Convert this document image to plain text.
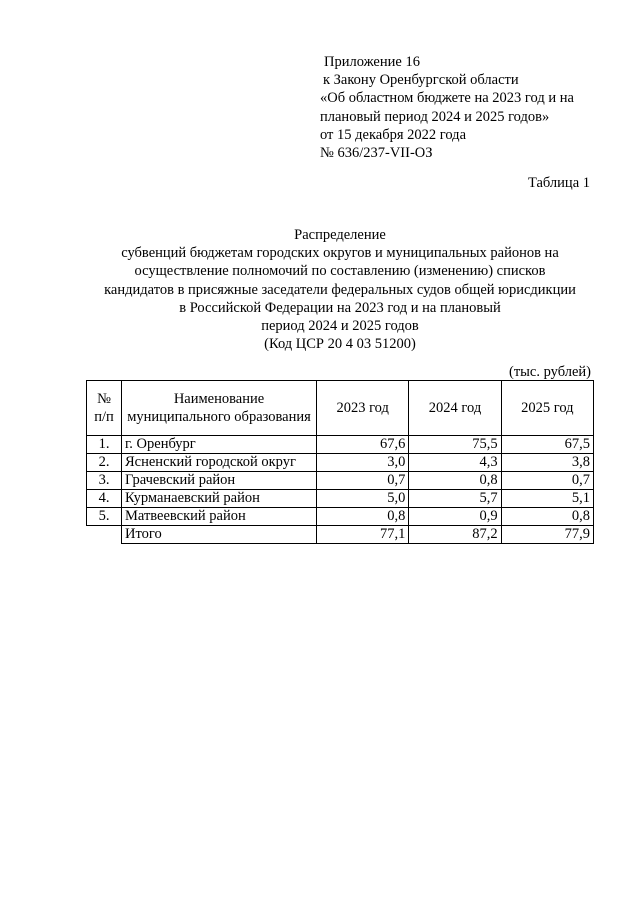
Приложение 16
к Закону Оренбургской области
«Об областном бюджете на 2023 год и на
плановый период 2024 и 2025 годов»
от 15 декабря 2022 года
№ 636/237-VII-ОЗ
Таблица 1
Распределение
субвенций бюджетам городских округов и муниципальных районов на
осуществление полномочий по составлению (изменению) списков
кандидатов в присяжные заседатели федеральных судов общей юрисдикции
в Российской Федерации на 2023 год и на плановый
период 2024 и 2025 годов
(Код ЦСР 20 4 03 51200)
(тыс. рублей)
№ п/п	Наименование муниципального образования	2023 год	2024 год	2025 год
1.	г. Оренбург	67,6	75,5	67,5
2.	Ясненский городской округ	3,0	4,3	3,8
3.	Грачевский район	0,7	0,8	0,7
4.	Курманаевский район	5,0	5,7	5,1
5.	Матвеевский район	0,8	0,9	0,8
	Итого	77,1	87,2	77,9
